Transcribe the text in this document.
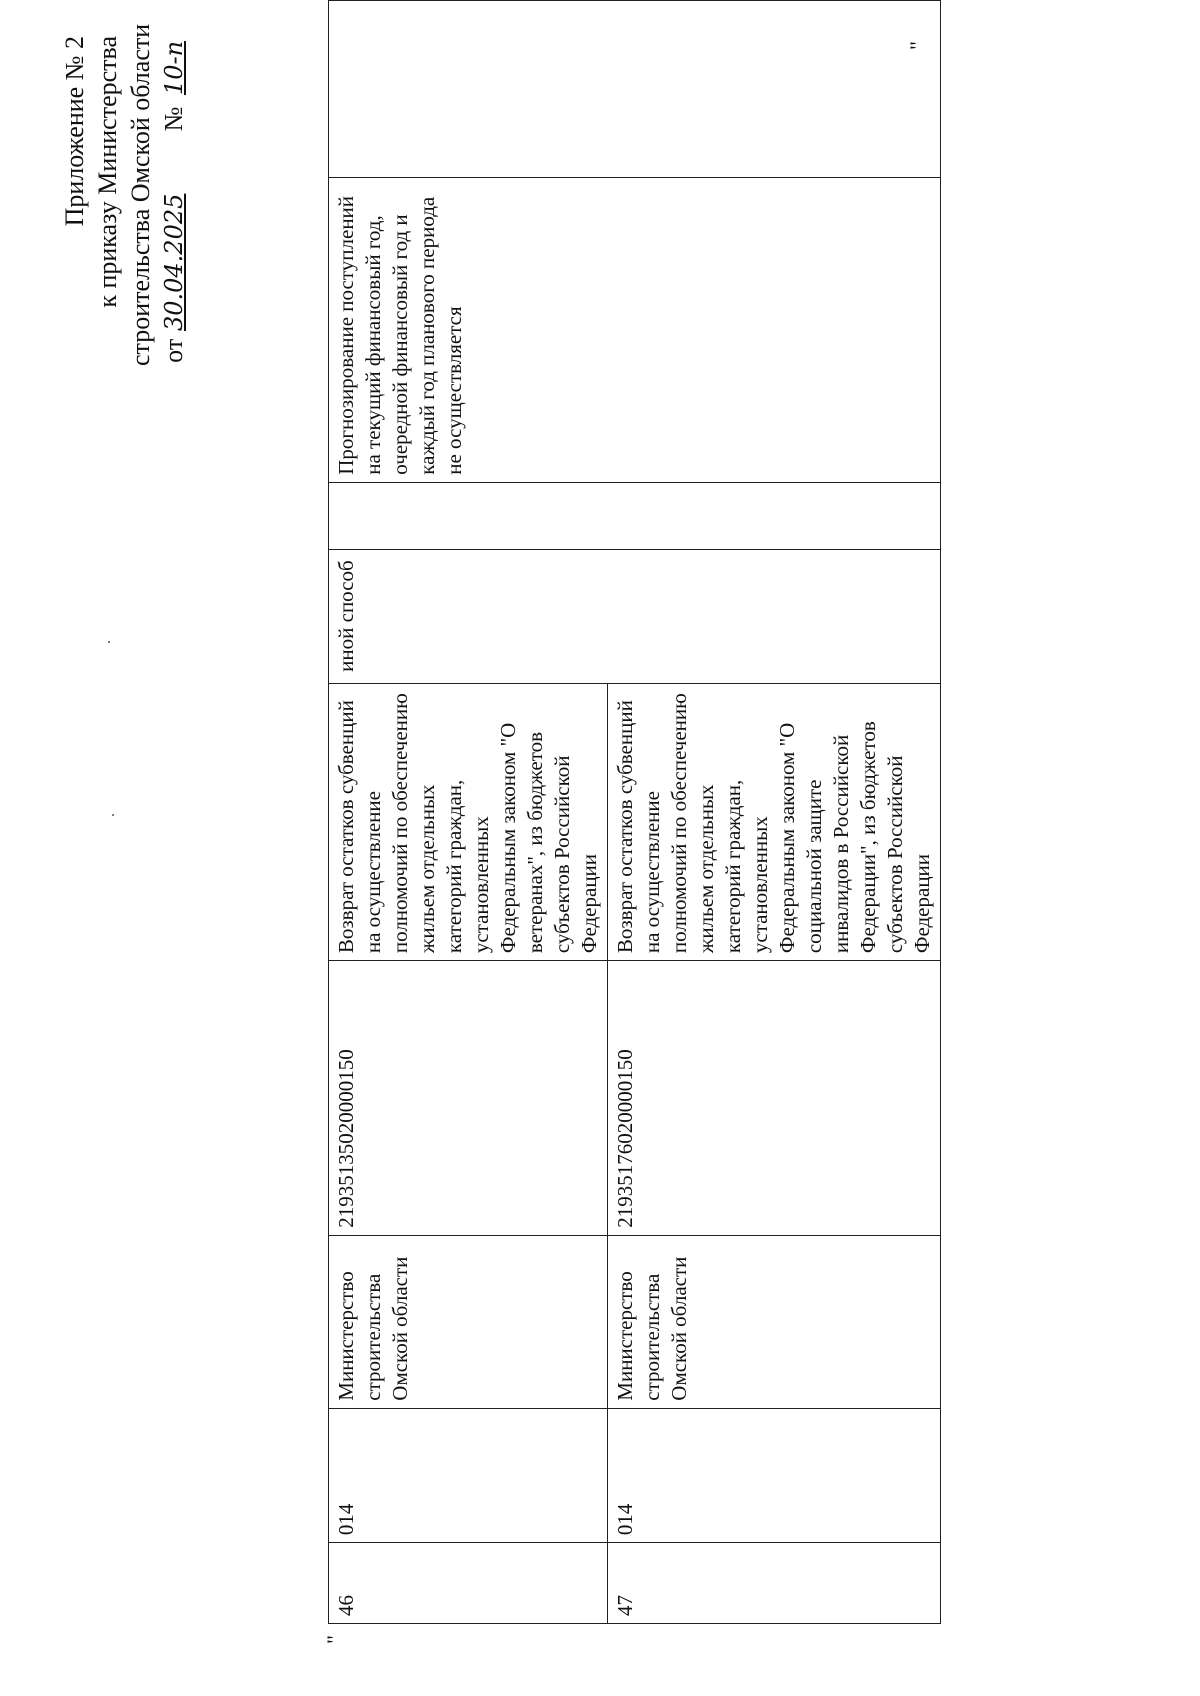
Приложение № 2 к приказу Министерства строительства Омской области от 30.04.2025  № 10-п
"
"
46	014	Министерство строительства Омской области	21935135020000150	Возврат остатков субвенций на осуществление полномочий по обеспечению жильем отдельных категорий граждан, установленных Федеральным законом "О ветеранах", из бюджетов субъектов Российской Федерации	иной способ		Прогнозирование поступлений на текущий финансовый год, очередной финансовый год и каждый год планового периода не осуществляется	
47	014	Министерство строительства Омской области	21935176020000150	Возврат остатков субвенций на осуществление полномочий по обеспечению жильем отдельных категорий граждан, установленных Федеральным законом "О социальной защите инвалидов в Российской Федерации", из бюджетов субъектов Российской Федерации				
